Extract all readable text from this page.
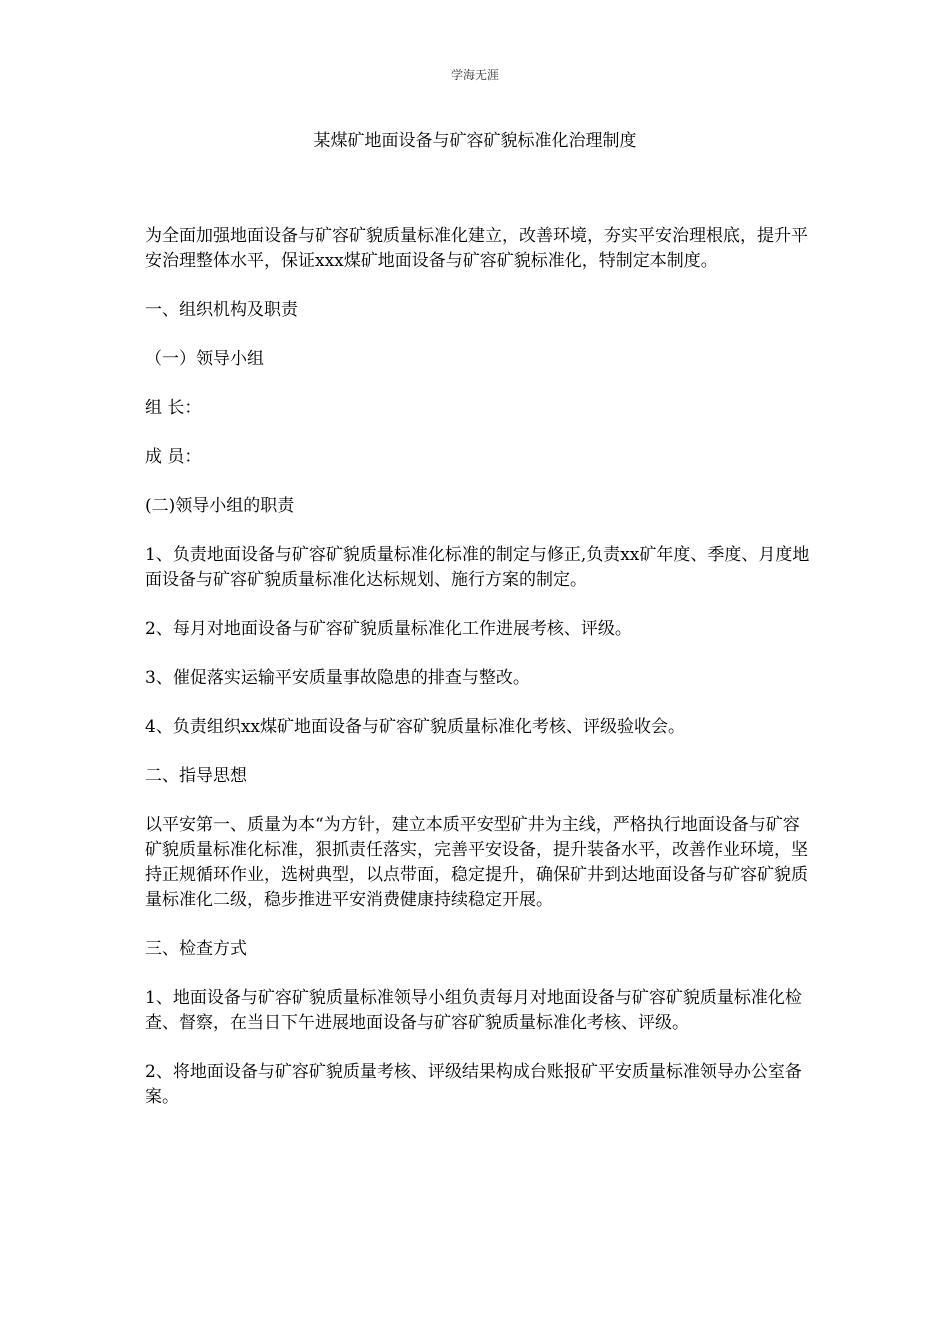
学海无涯
某煤矿地面设备与矿容矿貌标准化治理制度

为全面加强地面设备与矿容矿貌质量标准化建立，改善环境，夯实平安治理根底，提升平安治理整体水平，保证xxx煤矿地面设备与矿容矿貌标准化，特制定本制度。

一、组织机构及职责

（一）领导小组

组 长：

成 员：

(二)领导小组的职责

1、负责地面设备与矿容矿貌质量标准化标准的制定与修正,负责xx矿年度、季度、月度地面设备与矿容矿貌质量标准化达标规划、施行方案的制定。

2、每月对地面设备与矿容矿貌质量标准化工作进展考核、评级。

3、催促落实运输平安质量事故隐患的排查与整改。

4、负责组织xx煤矿地面设备与矿容矿貌质量标准化考核、评级验收会。

二、指导思想

以平安第一、质量为本“为方针，建立本质平安型矿井为主线，严格执行地面设备与矿容矿貌质量标准化标准，狠抓责任落实，完善平安设备，提升装备水平，改善作业环境，坚持正规循环作业，选树典型，以点带面，稳定提升，确保矿井到达地面设备与矿容矿貌质量标准化二级，稳步推进平安消费健康持续稳定开展。

三、检查方式

1、地面设备与矿容矿貌质量标准领导小组负责每月对地面设备与矿容矿貌质量标准化检查、督察，在当日下午进展地面设备与矿容矿貌质量标准化考核、评级。

2、将地面设备与矿容矿貌质量考核、评级结果构成台账报矿平安质量标准领导办公室备案。
